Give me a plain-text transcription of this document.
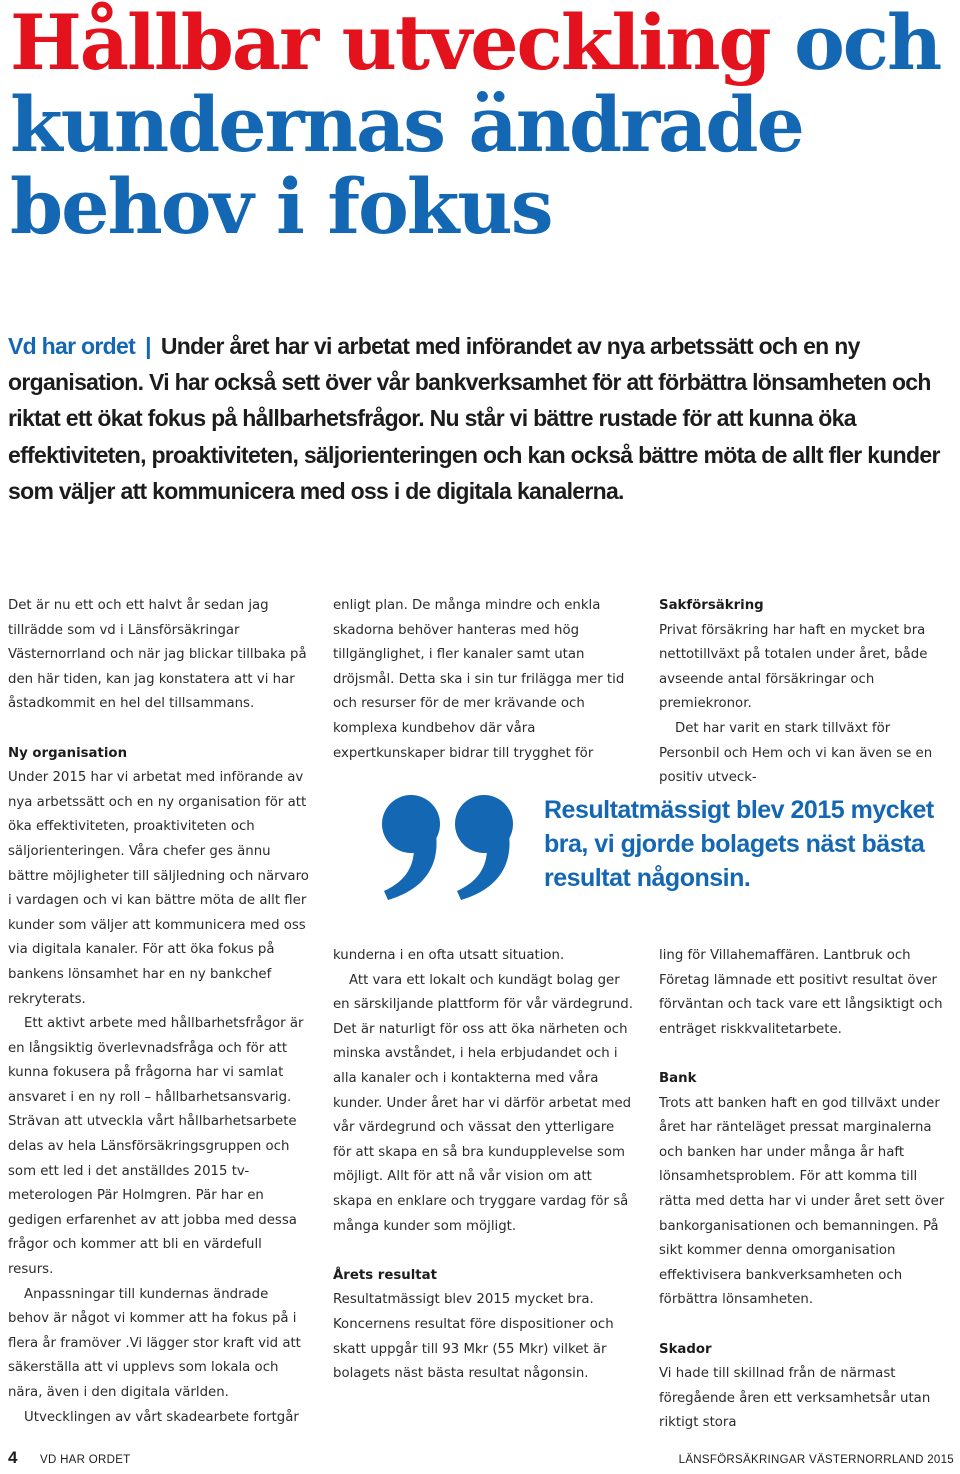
Hållbar utveckling och kundernas ändrade behov i fokus

Vd har ordet | Under året har vi arbetat med införandet av nya arbetssätt och en ny organisation. Vi har också sett över vår bankverksamhet för att förbättra lönsamheten och riktat ett ökat fokus på hållbarhetsfrågor. Nu står vi bättre rustade för att kunna öka effektiviteten, proaktiviteten, säljorienteringen och kan också bättre möta de allt fler kunder som väljer att kommunicera med oss i de digitala kanalerna.

Det är nu ett och ett halvt år sedan jag tillrädde som vd i Länsförsäkringar Västernorrland och när jag blickar tillbaka på den här tiden, kan jag konstatera att vi har åstadkommit en hel del tillsammans.

Ny organisation

Under 2015 har vi arbetat med införande av nya arbetssätt och en ny organisation för att öka effektiviteten, proaktiviteten och säljorienteringen. Våra chefer ges ännu bättre möjligheter till säljledning och närvaro i vardagen och vi kan bättre möta de allt fler kunder som väljer att kommunicera med oss via digitala kanaler. För att öka fokus på bankens lönsamhet har en ny bankchef rekryterats.

Ett aktivt arbete med hållbarhetsfrågor är en långsiktig överlevnadsfråga och för att kunna fokusera på frågorna har vi samlat ansvaret i en ny roll – hållbarhetsansvarig. Strävan att utveckla vårt hållbarhetsarbete delas av hela Länsförsäkringsgruppen och som ett led i det anställdes 2015 tv-meterologen Pär Holmgren. Pär har en gedigen erfarenhet av att jobba med dessa frågor och kommer att bli en värdefull resurs.

Anpassningar till kundernas ändrade behov är något vi kommer att ha fokus på i flera år framöver .Vi lägger stor kraft vid att säkerställa att vi upplevs som lokala och nära, även i den digitala världen.

Utvecklingen av vårt skadearbete fortgår

enligt plan. De många mindre och enkla skadorna behöver hanteras med hög tillgänglighet, i fler kanaler samt utan dröjsmål. Detta ska i sin tur frilägga mer tid och resurser för de mer krävande och komplexa kundbehov där våra expertkunskaper bidrar till trygghet för

Sakförsäkring

Privat försäkring har haft en mycket bra nettotillväxt på totalen under året, både avseende antal försäkringar och premiekronor.

Det har varit en stark tillväxt för Personbil och Hem och vi kan även se en positiv utveck-

Resultatmässigt blev 2015 mycket bra, vi gjorde bolagets näst bästa resultat någonsin.

kunderna i en ofta utsatt situation.

Att vara ett lokalt och kundägt bolag ger en särskiljande plattform för vår värdegrund. Det är naturligt för oss att öka närheten och minska avståndet, i hela erbjudandet och i alla kanaler och i kontakterna med våra kunder. Under året har vi därför arbetat med vår värdegrund och vässat den ytterligare för att skapa en så bra kundupplevelse som möjligt. Allt för att nå vår vision om att skapa en enklare och tryggare vardag för så många kunder som möjligt.

Årets resultat

Resultatmässigt blev 2015 mycket bra. Koncernens resultat före dispositioner och skatt uppgår till 93 Mkr (55 Mkr) vilket är bolagets näst bästa resultat någonsin.

ling för Villahemaffären. Lantbruk och Företag lämnade ett positivt resultat över förväntan och tack vare ett långsiktigt och enträget riskkvalitetarbete.

Bank

Trots att banken haft en god tillväxt under året har ränteläget pressat marginalerna och banken har under många år haft lönsamhetsproblem. För att komma till rätta med detta har vi under året sett över bankorganisationen och bemanningen. På sikt kommer denna omorganisation effektivisera bankverksamheten och förbättra lönsamheten.

Skador

Vi hade till skillnad från de närmast föregående åren ett verksamhetsår utan riktigt stora

4 VD HAR ORDET	LÄNSFÖRSÄKRINGAR VÄSTERNORRLAND 2015
